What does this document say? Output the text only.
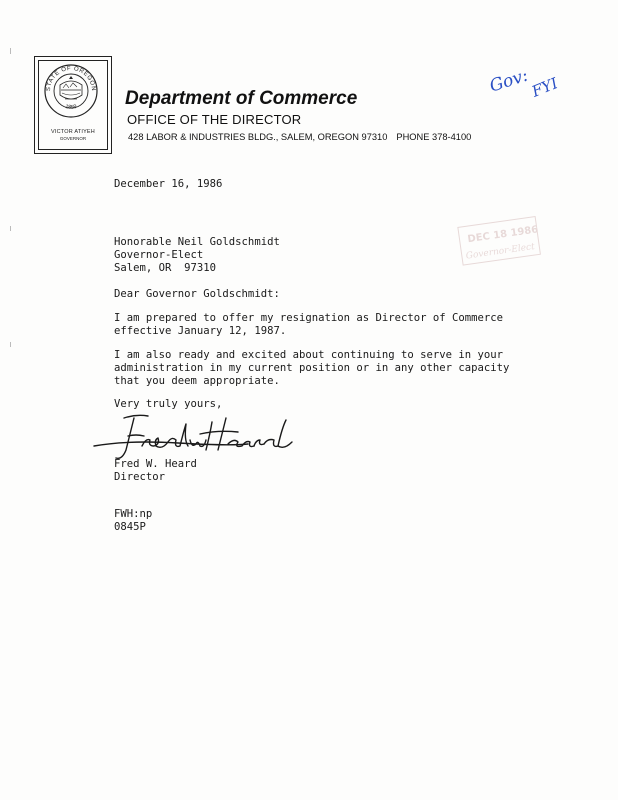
STATE OF OREGON
1859
VICTOR ATIYEH
GOVERNOR
Department of Commerce
OFFICE OF THE DIRECTOR
428 LABOR & INDUSTRIES BLDG., SALEM, OREGON 97310 PHONE 378-4100
Gov:
FYI
DEC 18 1986
Governor-Elect
December 16, 1986
Honorable Neil Goldschmidt
Governor-Elect
Salem, OR  97310
Dear Governor Goldschmidt:
I am prepared to offer my resignation as Director of Commerce
effective January 12, 1987.
I am also ready and excited about continuing to serve in your
administration in my current position or in any other capacity
that you deem appropriate.
Very truly yours,
Fred W. Heard
Director
FWH:np
0845P
